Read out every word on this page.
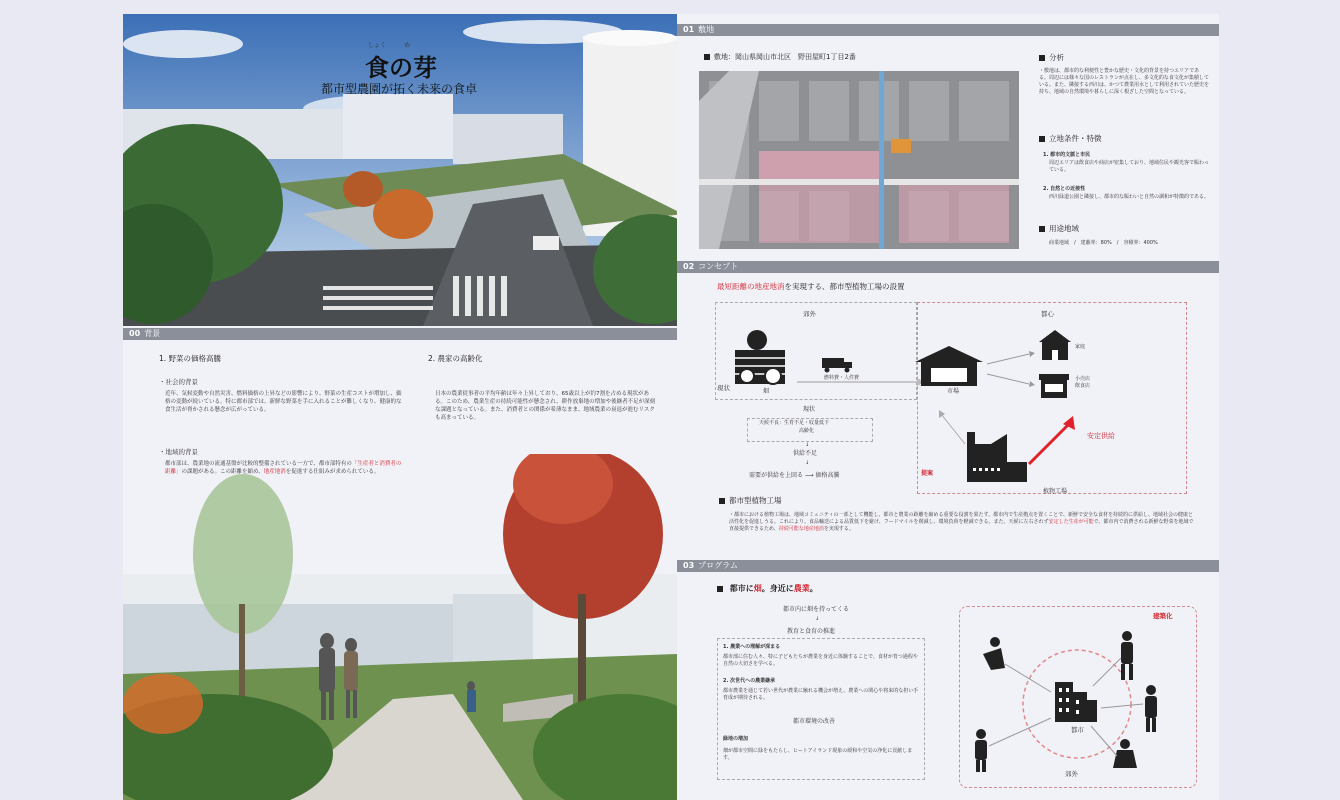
しょく　　　め
食の芽
都市型農園が拓く未来の食卓
00 背景
1. 野菜の価格高騰
・社会的背景
近年、気候変動や自然災害、燃料価格の上昇などの影響により、野菜の生産コストが増加し、価格の変動が続いている。特に都市部では、新鮮な野菜を手に入れることが難しくなり、健康的な食生活が脅かされる懸念が広がっている。
・地域的背景
都市部は、農業地の流通基盤が比較的整備されている一方で、都市部特有の「生産者と消費者の距離」の課題がある。この距離を縮め、地産地消を促進する仕組みが求められている。
2. 農家の高齢化
日本の農業従事者の平均年齢は年々上昇しており、65歳以上が約7割を占める現状がある。このため、農業生産の持続可能性が懸念され、耕作放棄地の増加や後継者不足が深刻な課題となっている。また、消費者との関係が希薄なまま、地域農業の衰退が進むリスクも高まっている。
01 敷地
敷地：岡山県岡山市北区　野田屋町1丁目2番	分析
・敷地は、都市的な利便性と豊かな歴史・文化的背景を持つエリアである。周辺には様々な国のレストランが点在し、多文化的な食文化が集積している。また、隣接する西川は、かつて農業用水として利用されていた歴史を持ち、地域の自然環境や暮らしに深く根ざした空間となっている。
立地条件・特徴
1. 都市的文脈と市民
周辺エリアは飲食店や商店が密集しており、地域住民や観光客で賑わっている。
2. 自然との近接性
西川緑道公園と隣接し、都市的な賑わいと自然の調和が特徴的である。
用途地域
商業地域　/　建蔽率：80%　/　容積率：400%
02 コンセプト
最短距離の地産地消を実現する、都市型植物工場の設置
郊外	都心
現状	畑
燃料費・人件費
市場
家庭
小売店
飲食店
安定供給
植物工場
提案
現状
天候不良：生育不足・収量低下
高齢化
↓
供給不足
↓
需要が供給を上回る ⟶ 価格高騰
都市型植物工場
・都市における植物工場は、地域コミュニティの一部として機能し、都市と農業の距離を縮める重要な役割を果たす。都市内で生産拠点を置くことで、新鮮で安全な食材を持続的に供給し、地域社会の健康と活性化を促進しうる。これにより、食品輸送による品質低下を避け、フードマイルを削減し、環境負荷を軽減できる。また、天候に左右されず安定した生産が可能で、都市内で消費される新鮮な野菜を地域で直接提供できるため、持続可能な地産地消を実現する。
03 プログラム
都市に畑。身近に農業。
都市内に畑を持ってくる
↓
教育と食育の推進
1. 農業への理解が深まる
都市部に住む人々、特に子どもたちが農業を身近に体験することで、食材が育つ過程や自然の大切さを学べる。
2. 次世代への農業継承
都市農業を通じて若い世代が農業に触れる機会が増え、農業への関心や将来的な担い手育成が期待される。
都市環境の改善
緑地の増加
畑が都市空間に緑をもたらし、ヒートアイランド現象の緩和や空気の浄化に貢献します。
建築化
都市
郊外
